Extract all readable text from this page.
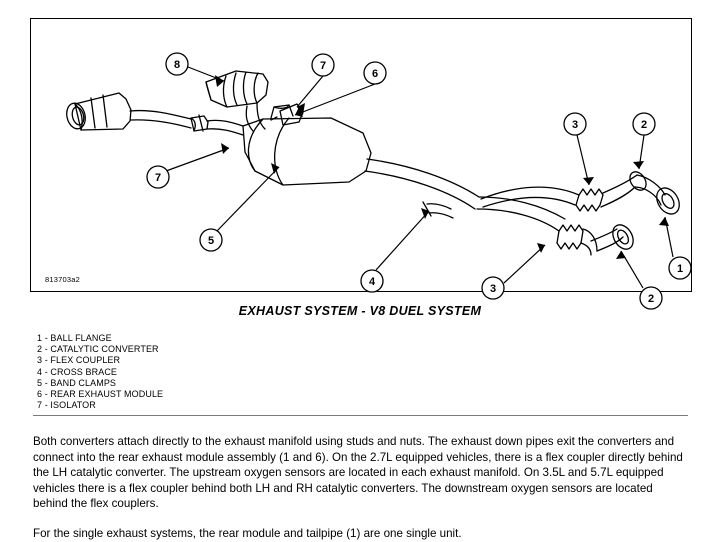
8	7
6
7
5
4
3
2
1
2
3
813703a2
EXHAUST SYSTEM - V8 DUEL SYSTEM
1 - BALL FLANGE
2 - CATALYTIC CONVERTER
3 - FLEX COUPLER
4 - CROSS BRACE
5 - BAND CLAMPS
6 - REAR EXHAUST MODULE
7 - ISOLATOR

Both converters attach directly to the exhaust manifold using studs and nuts. The exhaust down pipes exit the converters and connect into the rear exhaust module assembly (1 and 6). On the 2.7L equipped vehicles, there is a flex coupler directly behind the LH catalytic converter. The upstream oxygen sensors are located in each exhaust manifold. On 3.5L and 5.7L equipped vehicles there is a flex coupler behind both LH and RH catalytic converters. The downstream oxygen sensors are located behind the flex couplers.

For the single exhaust systems, the rear module and tailpipe (1) are one single unit.
